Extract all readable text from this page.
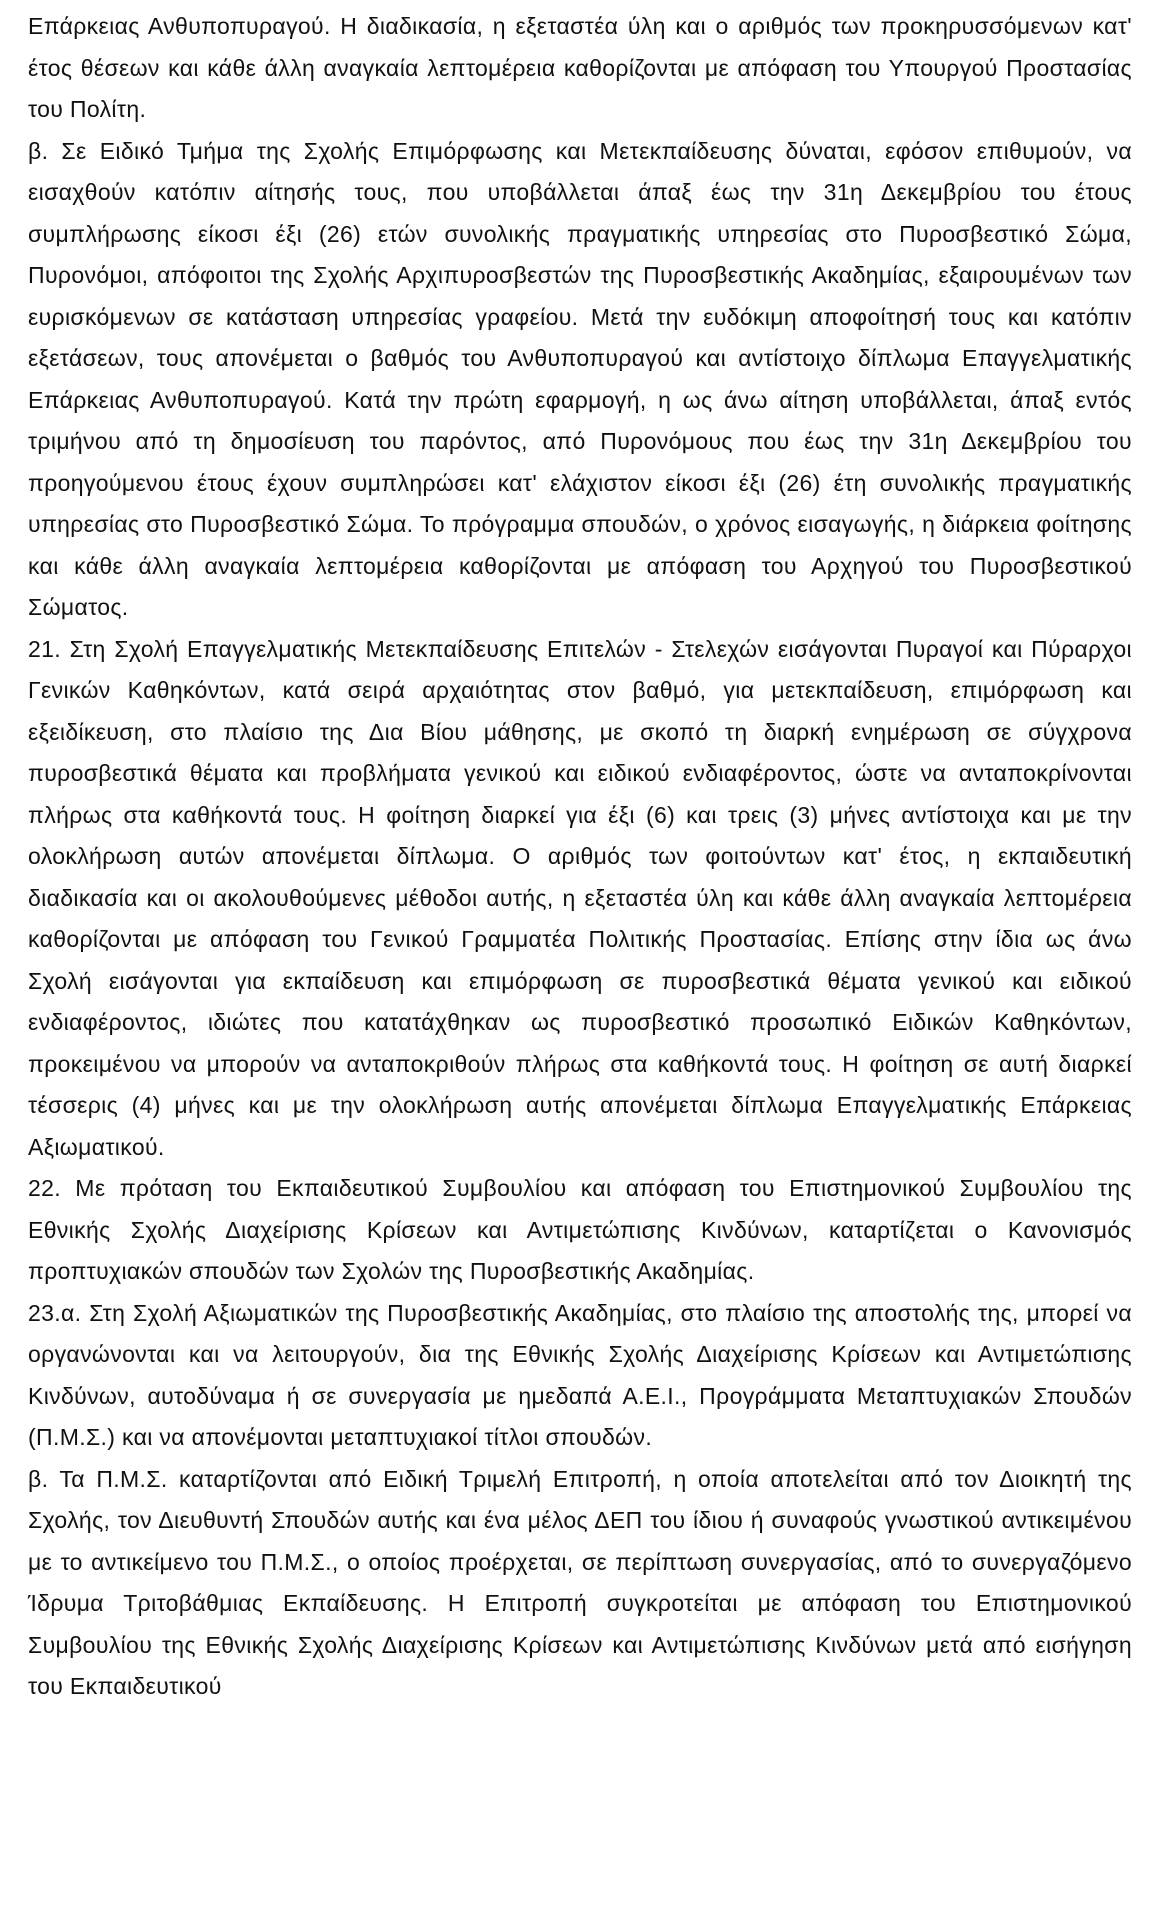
Επάρκειας Ανθυποπυραγού. Η διαδικασία, η εξεταστέα ύλη και ο αριθμός των προκηρυσσόμενων κατ' έτος θέσεων και κάθε άλλη αναγκαία λεπτομέρεια καθορίζονται με απόφαση του Υπουργού Προστασίας του Πολίτη.

β. Σε Ειδικό Τμήμα της Σχολής Επιμόρφωσης και Μετεκπαίδευσης δύναται, εφόσον επιθυμούν, να εισαχθούν κατόπιν αίτησής τους, που υποβάλλεται άπαξ έως την 31η Δεκεμβρίου του έτους συμπλήρωσης είκοσι έξι (26) ετών συνολικής πραγματικής υπηρεσίας στο Πυροσβεστικό Σώμα, Πυρονόμοι, απόφοιτοι της Σχολής Αρχιπυροσβεστών της Πυροσβεστικής Ακαδημίας, εξαιρουμένων των ευρισκόμενων σε κατάσταση υπηρεσίας γραφείου. Μετά την ευδόκιμη αποφοίτησή τους και κατόπιν εξετάσεων, τους απονέμεται ο βαθμός του Ανθυποπυραγού και αντίστοιχο δίπλωμα Επαγγελματικής Επάρκειας Ανθυποπυραγού. Κατά την πρώτη εφαρμογή, η ως άνω αίτηση υποβάλλεται, άπαξ εντός τριμήνου από τη δημοσίευση του παρόντος, από Πυρονόμους που έως την 31η Δεκεμβρίου του προηγούμενου έτους έχουν συμπληρώσει κατ' ελάχιστον είκοσι έξι (26) έτη συνολικής πραγματικής υπηρεσίας στο Πυροσβεστικό Σώμα. Το πρόγραμμα σπουδών, ο χρόνος εισαγωγής, η διάρκεια φοίτησης και κάθε άλλη αναγκαία λεπτομέρεια καθορίζονται με απόφαση του Αρχηγού του Πυροσβεστικού Σώματος.

21. Στη Σχολή Επαγγελματικής Μετεκπαίδευσης Επιτελών - Στελεχών εισάγονται Πυραγοί και Πύραρχοι Γενικών Καθηκόντων, κατά σειρά αρχαιότητας στον βαθμό, για μετεκπαίδευση, επιμόρφωση και εξειδίκευση, στο πλαίσιο της Δια Βίου μάθησης, με σκοπό τη διαρκή ενημέρωση σε σύγχρονα πυροσβεστικά θέματα και προβλήματα γενικού και ειδικού ενδιαφέροντος, ώστε να ανταποκρίνονται πλήρως στα καθήκοντά τους. Η φοίτηση διαρκεί για έξι (6) και τρεις (3) μήνες αντίστοιχα και με την ολοκλήρωση αυτών απονέμεται δίπλωμα. Ο αριθμός των φοιτούντων κατ' έτος, η εκπαιδευτική διαδικασία και οι ακολουθούμενες μέθοδοι αυτής, η εξεταστέα ύλη και κάθε άλλη αναγκαία λεπτομέρεια καθορίζονται με απόφαση του Γενικού Γραμματέα Πολιτικής Προστασίας. Επίσης στην ίδια ως άνω Σχολή εισάγονται για εκπαίδευση και επιμόρφωση σε πυροσβεστικά θέματα γενικού και ειδικού ενδιαφέροντος, ιδιώτες που κατατάχθηκαν ως πυροσβεστικό προσωπικό Ειδικών Καθηκόντων, προκειμένου να μπορούν να ανταποκριθούν πλήρως στα καθήκοντά τους. Η φοίτηση σε αυτή διαρκεί τέσσερις (4) μήνες και με την ολοκλήρωση αυτής απονέμεται δίπλωμα Επαγγελματικής Επάρκειας Αξιωματικού.

22. Με πρόταση του Εκπαιδευτικού Συμβουλίου και απόφαση του Επιστημονικού Συμβουλίου της Εθνικής Σχολής Διαχείρισης Κρίσεων και Αντιμετώπισης Κινδύνων, καταρτίζεται ο Κανονισμός προπτυχιακών σπουδών των Σχολών της Πυροσβεστικής Ακαδημίας.

23.α. Στη Σχολή Αξιωματικών της Πυροσβεστικής Ακαδημίας, στο πλαίσιο της αποστολής της, μπορεί να οργανώνονται και να λειτουργούν, δια της Εθνικής Σχολής Διαχείρισης Κρίσεων και Αντιμετώπισης Κινδύνων, αυτοδύναμα ή σε συνεργασία με ημεδαπά Α.Ε.Ι., Προγράμματα Μεταπτυχιακών Σπουδών (Π.Μ.Σ.) και να απονέμονται μεταπτυχιακοί τίτλοι σπουδών.

β. Τα Π.Μ.Σ. καταρτίζονται από Ειδική Τριμελή Επιτροπή, η οποία αποτελείται από τον Διοικητή της Σχολής, τον Διευθυντή Σπουδών αυτής και ένα μέλος ΔΕΠ του ίδιου ή συναφούς γνωστικού αντικειμένου με το αντικείμενο του Π.Μ.Σ., ο οποίος προέρχεται, σε περίπτωση συνεργασίας, από το συνεργαζόμενο Ίδρυμα Τριτοβάθμιας Εκπαίδευσης. Η Επιτροπή συγκροτείται με απόφαση του Επιστημονικού Συμβουλίου της Εθνικής Σχολής Διαχείρισης Κρίσεων και Αντιμετώπισης Κινδύνων μετά από εισήγηση του Εκπαιδευτικού
